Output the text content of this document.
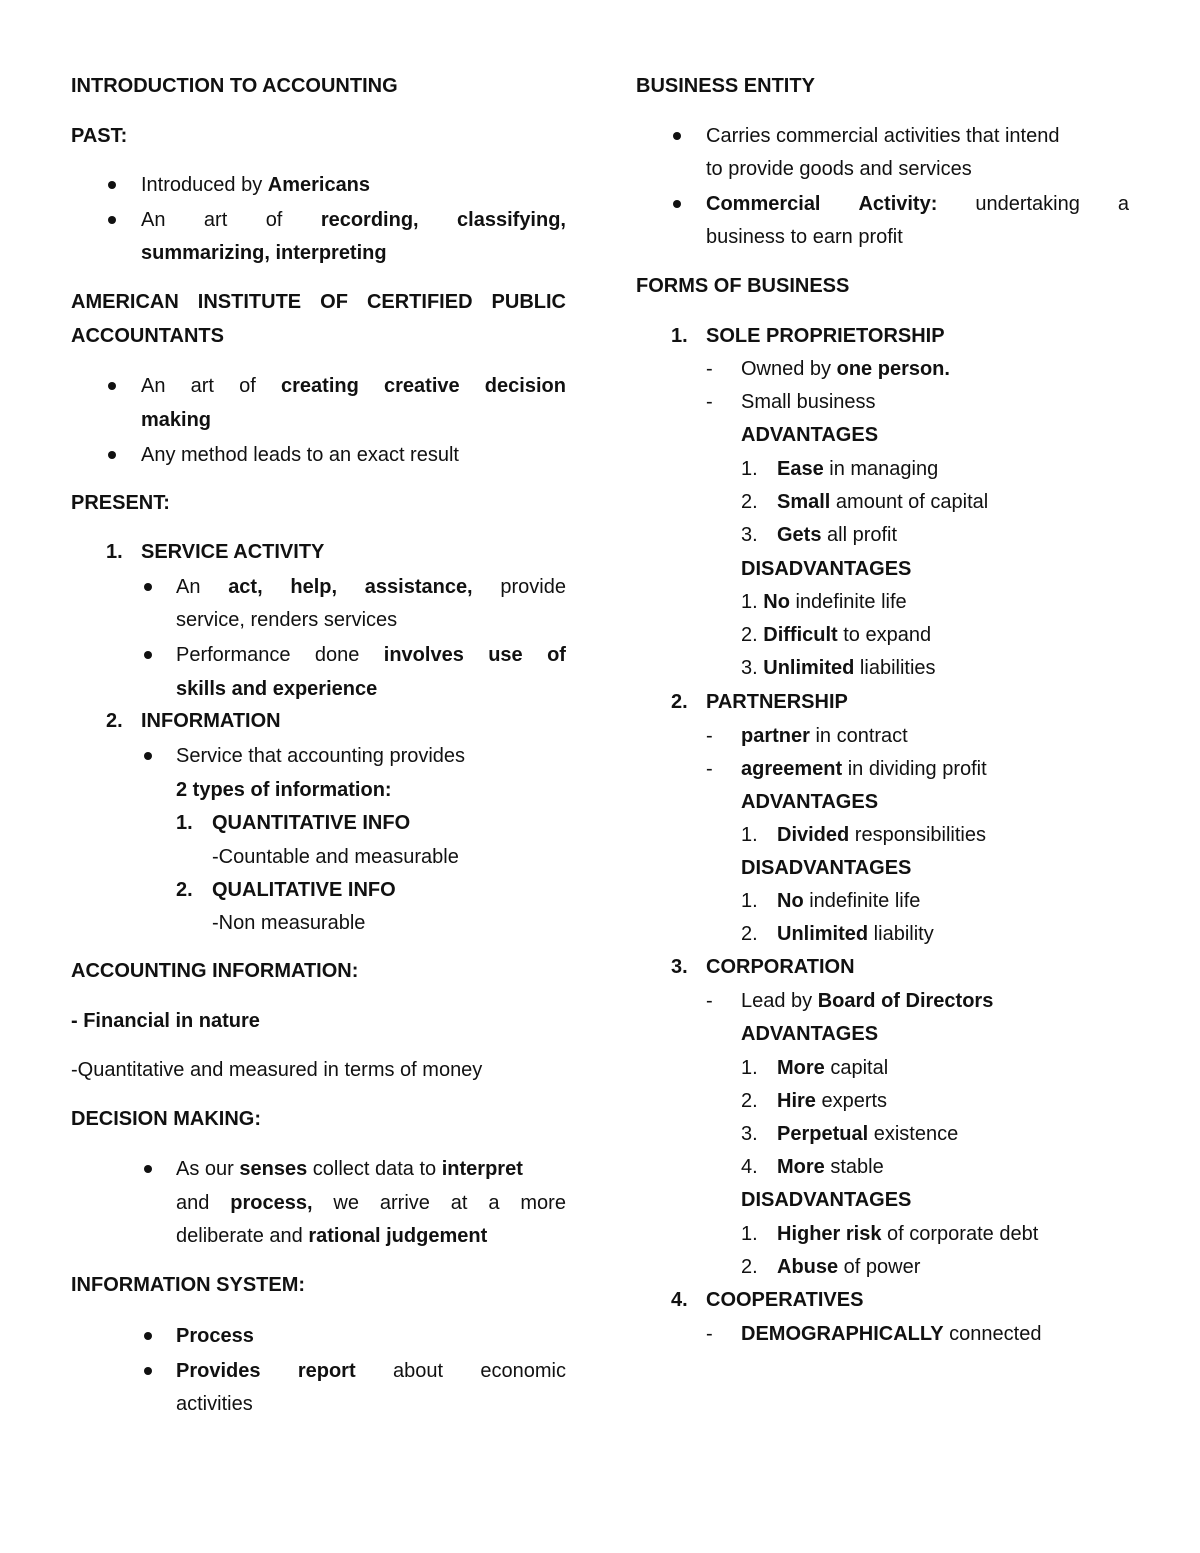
INTRODUCTION TO ACCOUNTING
PAST:
Introduced by Americans
An art of recording, classifying,
summarizing, interpreting
AMERICAN INSTITUTE OF CERTIFIED PUBLIC
ACCOUNTANTS
An art of creating creative decision
making
Any method leads to an exact result
PRESENT:
1. SERVICE ACTIVITY
An act, help, assistance, provide
service, renders services
Performance done involves use of
skills and experience
2. INFORMATION
Service that accounting provides
2 types of information:
1. QUANTITATIVE INFO
-Countable and measurable
2. QUALITATIVE INFO
-Non measurable
ACCOUNTING INFORMATION:
- Financial in nature
-Quantitative and measured in terms of money
DECISION MAKING:
As our senses collect data to interpret
and process, we arrive at a more
deliberate and rational judgement
INFORMATION SYSTEM:
Process
Provides report about economic
activities
BUSINESS ENTITY
Carries commercial activities that intend
to provide goods and services
Commercial Activity: undertaking a
business to earn profit
FORMS OF BUSINESS
1. SOLE PROPRIETORSHIP
- Owned by one person.
- Small business
ADVANTAGES
1. Ease in managing
2. Small amount of capital
3. Gets all profit
DISADVANTAGES
1. No indefinite life
2. Difficult to expand
3. Unlimited liabilities
2. PARTNERSHIP
- partner in contract
- agreement in dividing profit
ADVANTAGES
1. Divided responsibilities
DISADVANTAGES
1. No indefinite life
2. Unlimited liability
3. CORPORATION
- Lead by Board of Directors
ADVANTAGES
1. More capital
2. Hire experts
3. Perpetual existence
4. More stable
DISADVANTAGES
1. Higher risk of corporate debt
2. Abuse of power
4. COOPERATIVES
- DEMOGRAPHICALLY connected
